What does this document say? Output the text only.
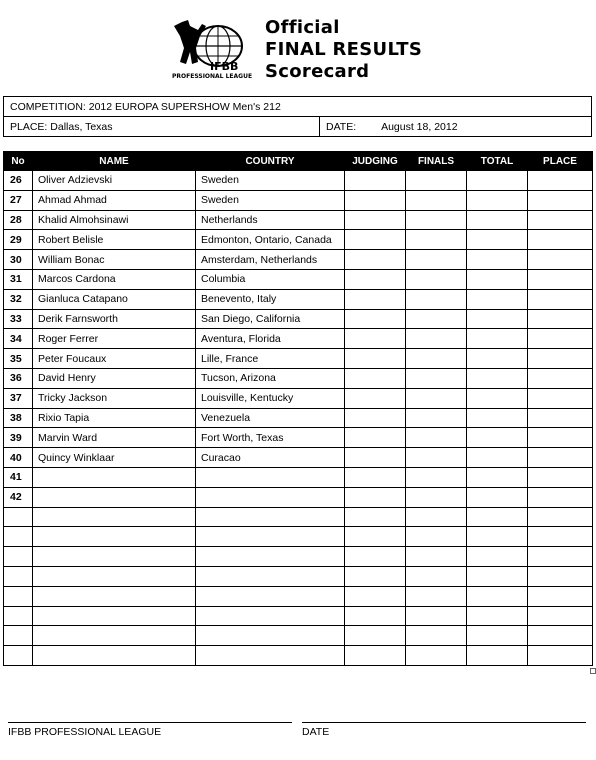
IFBB
PROFESSIONAL LEAGUE
Official
FINAL RESULTS
Scorecard
COMPETITION: 2012 EUROPA SUPERSHOW Men's 212
PLACE: Dallas, Texas	DATE: August 18, 2012
No	NAME	COUNTRY	JUDGING	FINALS	TOTAL	PLACE
26	Oliver Adzievski	Sweden				
27	Ahmad Ahmad	Sweden				
28	Khalid Almohsinawi	Netherlands				
29	Robert Belisle	Edmonton, Ontario, Canada				
30	William Bonac	Amsterdam, Netherlands				
31	Marcos Cardona	Columbia				
32	Gianluca Catapano	Benevento, Italy				
33	Derik Farnsworth	San Diego, California				
34	Roger Ferrer	Aventura, Florida				
35	Peter Foucaux	Lille, France				
36	David Henry	Tucson, Arizona				
37	Tricky Jackson	Louisville, Kentucky				
38	Rixio Tapia	Venezuela				
39	Marvin Ward	Fort Worth, Texas				
40	Quincy Winklaar	Curacao				
41						
42						

IFBB PROFESSIONAL LEAGUE	DATE
